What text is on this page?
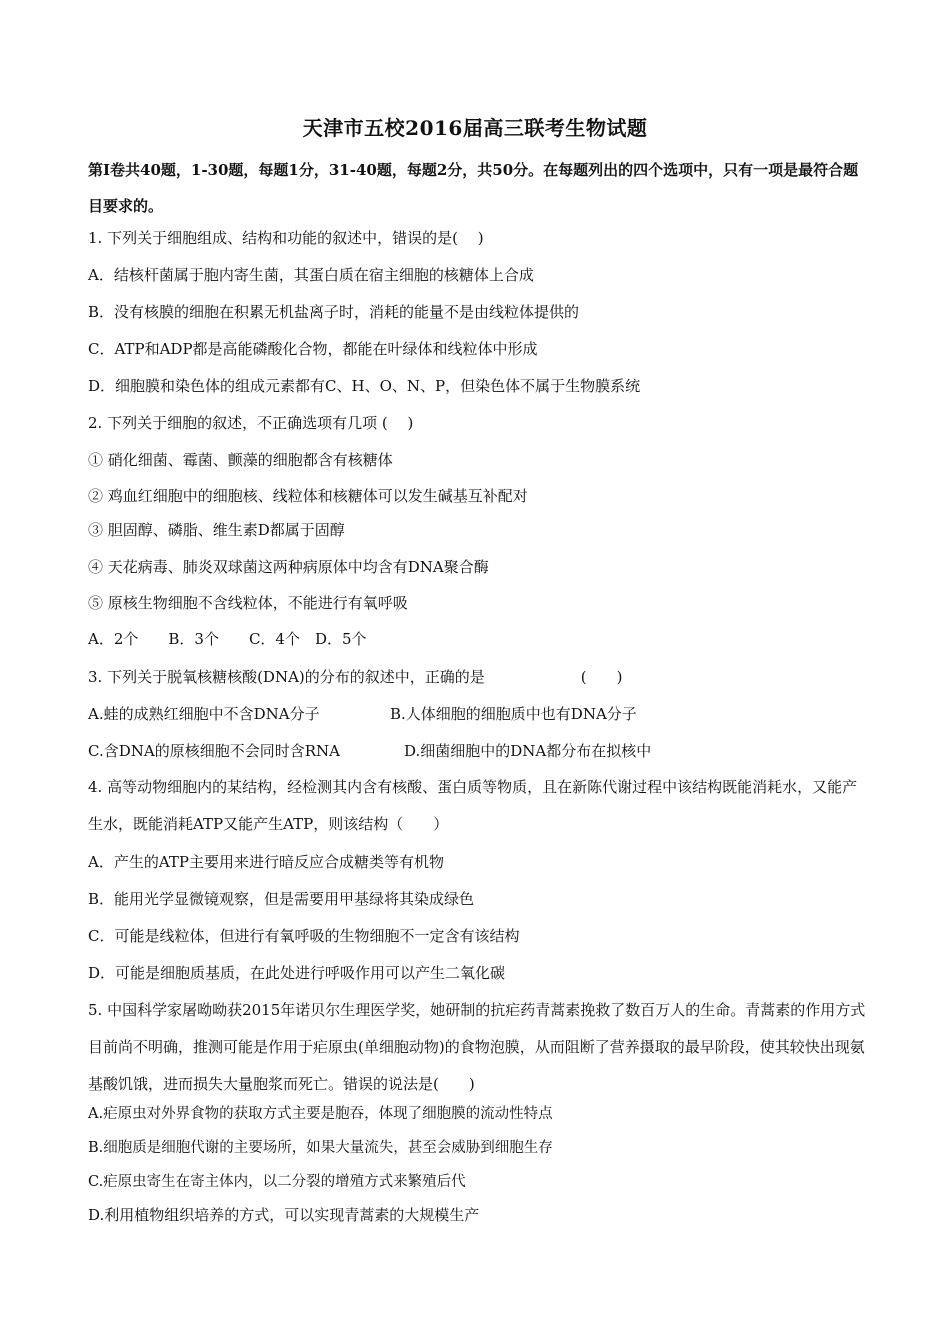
天津市五校2016届高三联考生物试题
第Ⅰ卷共40题，1-30题，每题1分，31-40题，每题2分，共50分。在每题列出的四个选项中，只有一项是最符合题目要求的。
1. 下列关于细胞组成、结构和功能的叙述中，错误的是(　 )
A．结核杆菌属于胞内寄生菌，其蛋白质在宿主细胞的核糖体上合成
B．没有核膜的细胞在积累无机盐离子时，消耗的能量不是由线粒体提供的
C．ATP和ADP都是高能磷酸化合物，都能在叶绿体和线粒体中形成
D．细胞膜和染色体的组成元素都有C、H、O、N、P，但染色体不属于生物膜系统
2. 下列关于细胞的叙述，不正确选项有几项 (　 )
① 硝化细菌、霉菌、颤藻的细胞都含有核糖体
② 鸡血红细胞中的细胞核、线粒体和核糖体可以发生碱基互补配对
③ 胆固醇、磷脂、维生素D都属于固醇
④ 天花病毒、肺炎双球菌这两种病原体中均含有DNA聚合酶
⑤ 原核生物细胞不含线粒体，不能进行有氧呼吸
A．2个　　B．3个　　C．4个　D．5个
3. 下列关于脱氧核糖核酸(DNA)的分布的叙述中，正确的是	(　　)
A.蛙的成熟红细胞中不含DNA分子	B.人体细胞的细胞质中也有DNA分子
C.含DNA的原核细胞不会同时含RNA	D.细菌细胞中的DNA都分布在拟核中
4. 高等动物细胞内的某结构，经检测其内含有核酸、蛋白质等物质，且在新陈代谢过程中该结构既能消耗水，又能产生水，既能消耗ATP又能产生ATP，则该结构（　　）
A．产生的ATP主要用来进行暗反应合成糖类等有机物
B．能用光学显微镜观察，但是需要用甲基绿将其染成绿色
C．可能是线粒体，但进行有氧呼吸的生物细胞不一定含有该结构
D．可能是细胞质基质，在此处进行呼吸作用可以产生二氧化碳
5. 中国科学家屠呦呦获2015年诺贝尔生理医学奖，她研制的抗疟药青蒿素挽救了数百万人的生命。青蒿素的作用方式目前尚不明确，推测可能是作用于疟原虫(单细胞动物)的食物泡膜，从而阻断了营养摄取的最早阶段，使其较快出现氨基酸饥饿，进而损失大量胞浆而死亡。错误的说法是(　　)
A.疟原虫对外界食物的获取方式主要是胞吞，体现了细胞膜的流动性特点
B.细胞质是细胞代谢的主要场所，如果大量流失，甚至会威胁到细胞生存
C.疟原虫寄生在寄主体内，以二分裂的增殖方式来繁殖后代
D.利用植物组织培养的方式，可以实现青蒿素的大规模生产
